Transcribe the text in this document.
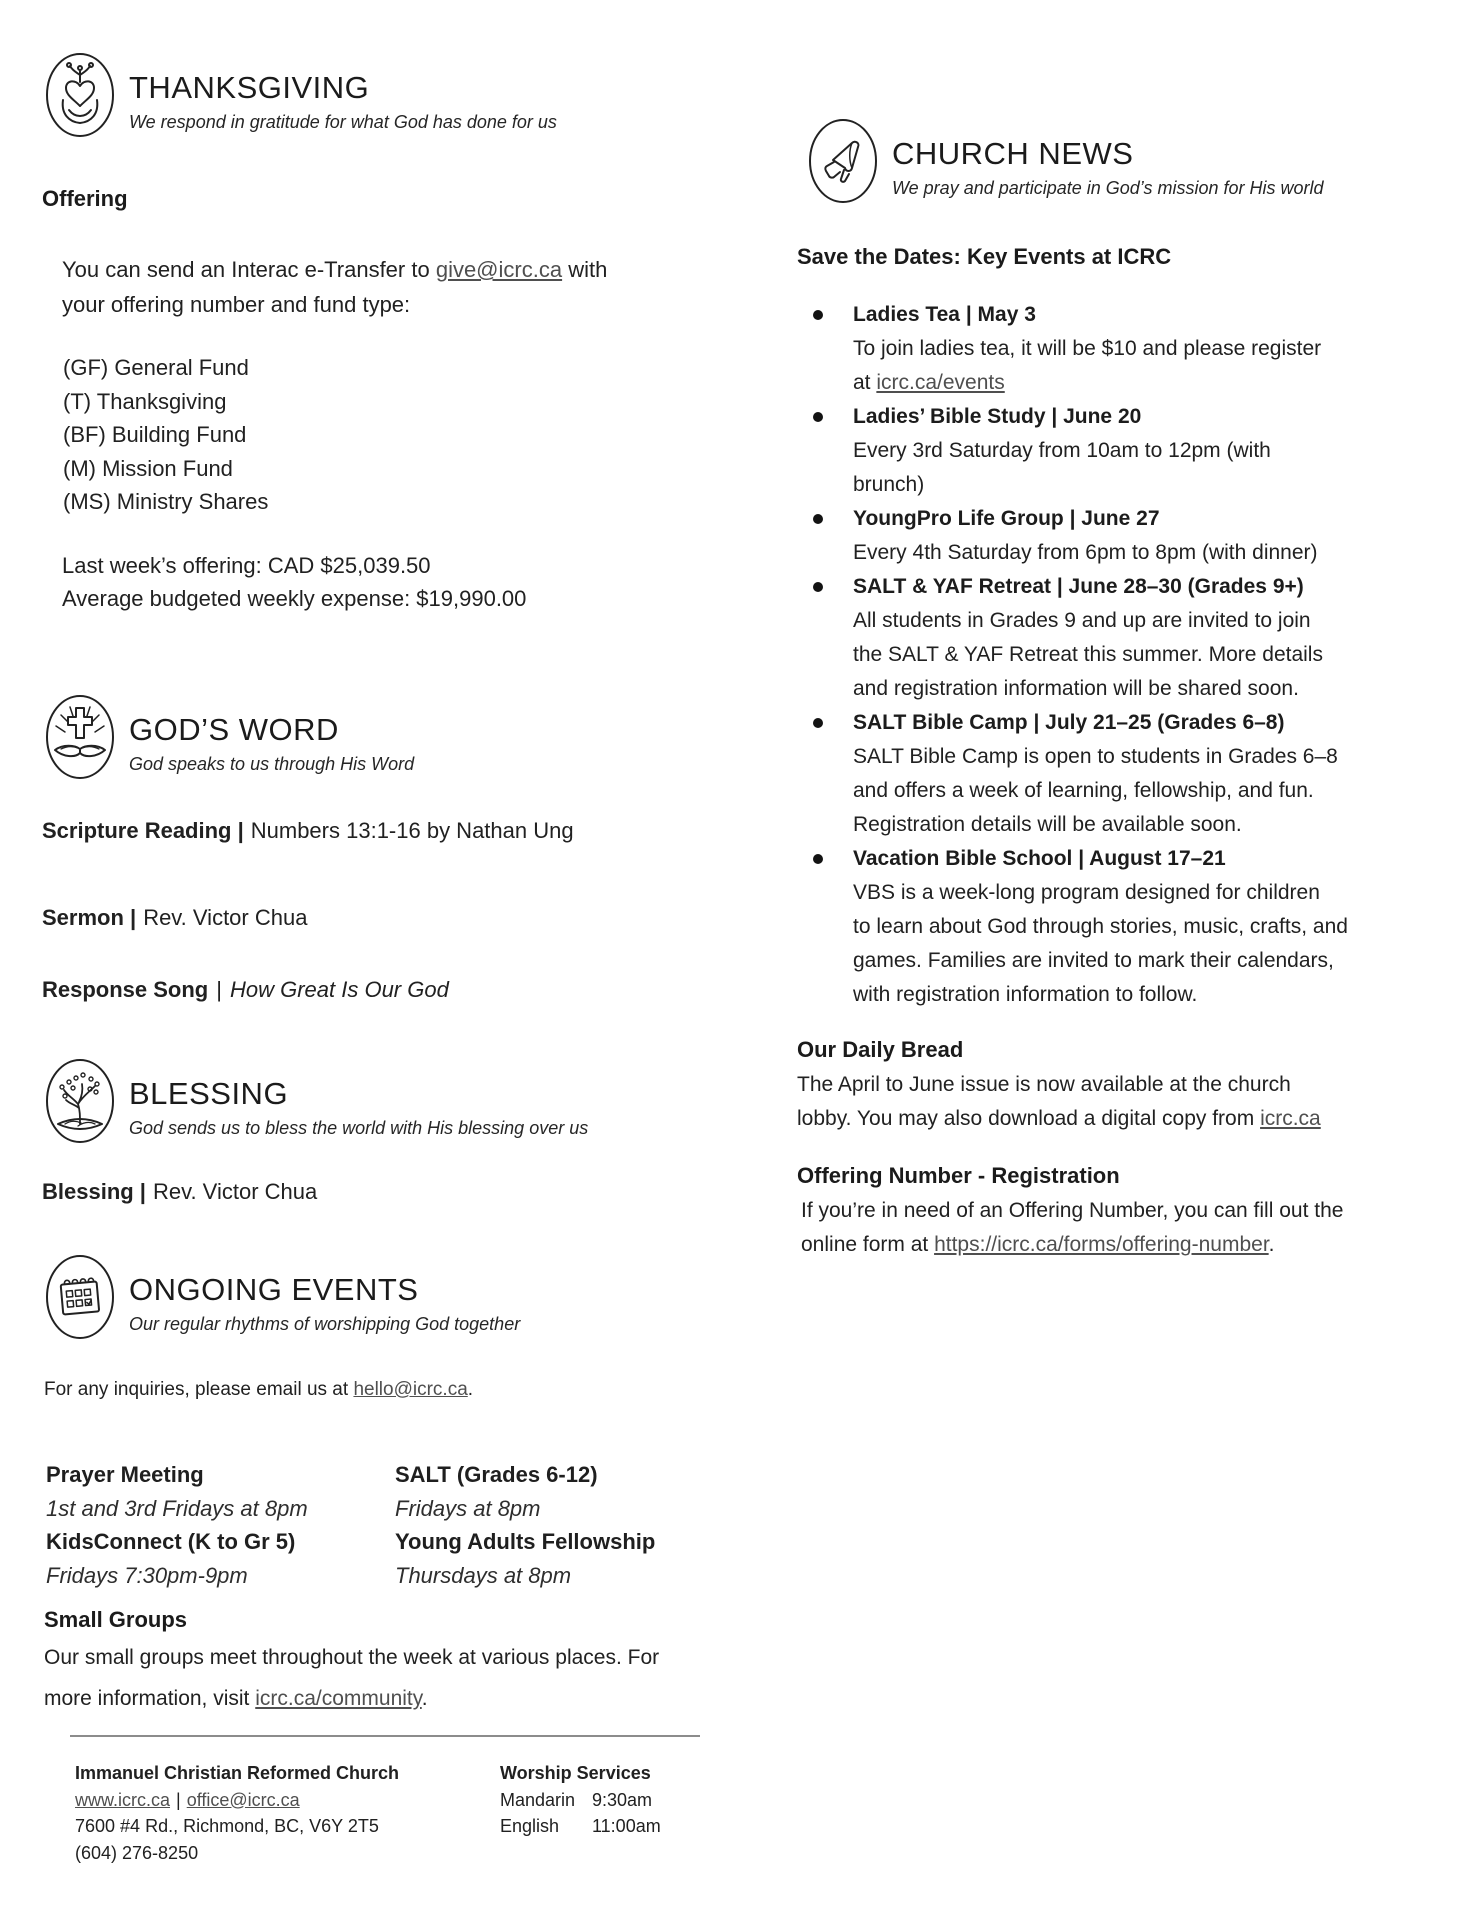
THANKSGIVING
We respond in gratitude for what God has done for us
Offering
You can send an Interac e-Transfer to give@icrc.ca with
your offering number and fund type:
(GF) General Fund
(T) Thanksgiving
(BF) Building Fund
(M) Mission Fund
(MS) Ministry Shares
Last week’s offering: CAD $25,039.50
Average budgeted weekly expense: $19,990.00
GOD’S WORD
God speaks to us through His Word
Scripture Reading | Numbers 13:1-16 by Nathan Ung
Sermon | Rev. Victor Chua
Response Song | How Great Is Our God
BLESSING
God sends us to bless the world with His blessing over us
Blessing | Rev. Victor Chua
ONGOING EVENTS
Our regular rhythms of worshipping God together
For any inquiries, please email us at hello@icrc.ca.
Prayer Meeting	SALT (Grades 6-12)
1st and 3rd Fridays at 8pm	Fridays at 8pm
KidsConnect (K to Gr 5)	Young Adults Fellowship
Fridays 7:30pm-9pm	Thursdays at 8pm
Small Groups
Our small groups meet throughout the week at various places. For
more information, visit icrc.ca/community.
Immanuel Christian Reformed Church
www.icrc.ca | office@icrc.ca
7600 #4 Rd., Richmond, BC, V6Y 2T5
(604) 276-8250
Worship Services
Mandarin 9:30am
English	11:00am
CHURCH NEWS
We pray and participate in God’s mission for His world
Save the Dates: Key Events at ICRC
Ladies Tea | May 3
To join ladies tea, it will be $10 and please register
at icrc.ca/events
Ladies’ Bible Study | June 20
Every 3rd Saturday from 10am to 12pm (with
brunch)
YoungPro Life Group | June 27
Every 4th Saturday from 6pm to 8pm (with dinner)
SALT & YAF Retreat | June 28–30 (Grades 9+)
All students in Grades 9 and up are invited to join
the SALT & YAF Retreat this summer. More details
and registration information will be shared soon.
SALT Bible Camp | July 21–25 (Grades 6–8)
SALT Bible Camp is open to students in Grades 6–8
and offers a week of learning, fellowship, and fun.
Registration details will be available soon.
Vacation Bible School | August 17–21
VBS is a week-long program designed for children
to learn about God through stories, music, crafts, and
games. Families are invited to mark their calendars,
with registration information to follow.
Our Daily Bread
The April to June issue is now available at the church
lobby. You may also download a digital copy from icrc.ca
Offering Number - Registration
If you’re in need of an Offering Number, you can fill out the
online form at https://icrc.ca/forms/offering-number.
